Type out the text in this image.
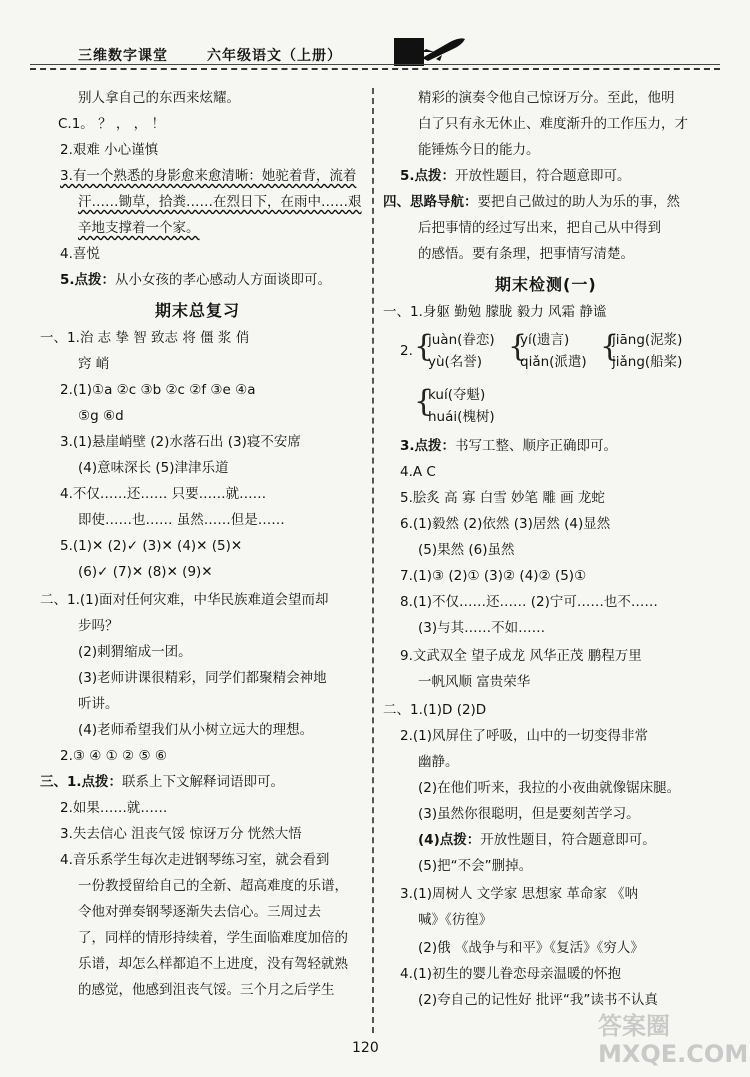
三维数字课堂	六年级语文（上册）
别人拿自己的东西来炫耀。
C.1。 ？ ， ， ！
2.艰难 小心谨慎
3.有一个熟悉的身影愈来愈清晰：她驼着背，流着
汗……锄草，拾粪……在烈日下，在雨中……艰
辛地支撑着一个家。
4.喜悦
5.点拨：从小女孩的孝心感动人方面谈即可。
期末总复习
一、1.治 志 挚 智 致志 将 僵 浆 俏
窍 峭
2.(1)①a ②c ③b ②c ②f ③e ④a
⑤g ⑥d
3.(1)悬崖峭壁 (2)水落石出 (3)寝不安席
(4)意味深长 (5)津津乐道
4.不仅……还…… 只要……就……
即使……也…… 虽然……但是……
5.(1)✕ (2)✓ (3)✕ (4)✕ (5)✕
(6)✓ (7)✕ (8)✕ (9)✕
二、1.(1)面对任何灾难，中华民族难道会望而却
步吗？
(2)刺猬缩成一团。
(3)老师讲课很精彩，同学们都聚精会神地
听讲。
(4)老师希望我们从小树立远大的理想。
2.③ ④ ① ② ⑤ ⑥
三、1.点拨：联系上下文解释词语即可。
2.如果……就……
3.失去信心 沮丧气馁 惊讶万分 恍然大悟
4.音乐系学生每次走进钢琴练习室，就会看到
一份教授留给自己的全新、超高难度的乐谱，
令他对弹奏钢琴逐渐失去信心。三周过去
了，同样的情形持续着，学生面临难度加倍的
乐谱，却怎么样都追不上进度，没有驾轻就熟
的感觉，他感到沮丧气馁。三个月之后学生
精彩的演奏令他自己惊讶万分。至此，他明
白了只有永无休止、难度渐升的工作压力，才
能锤炼今日的能力。
5.点拨：开放性题目，符合题意即可。
四、思路导航：要把自己做过的助人为乐的事，然
后把事情的经过写出来，把自己从中得到
的感悟。要有条理，把事情写清楚。
期末检测(一)
一、1.身躯 勤勉 朦胧 毅力 风霜 静谧
2. {
juàn(眷恋)
yù(名誉) {
yí(遗言)
qiǎn(派遣) {
jiāng(泥浆)
jiǎng(船桨)
{
kuí(夺魁)
huái(槐树)
3.点拨：书写工整、顺序正确即可。
4.A C
5.脍炙 高 寡 白雪 妙笔 雕 画 龙蛇
6.(1)毅然 (2)依然 (3)居然 (4)显然
(5)果然 (6)虽然
7.(1)③ (2)① (3)② (4)② (5)①
8.(1)不仅……还…… (2)宁可……也不……
(3)与其……不如……
9.文武双全 望子成龙 风华正茂 鹏程万里
一帆风顺 富贵荣华
二、1.(1)D (2)D
2.(1)风屏住了呼吸，山中的一切变得非常
幽静。
(2)在他们听来，我拉的小夜曲就像锯床腿。
(3)虽然你很聪明，但是要刻苦学习。
(4)点拨：开放性题目，符合题意即可。
(5)把“不会”删掉。
3.(1)周树人 文学家 思想家 革命家 《呐
喊》《彷徨》
(2)俄 《战争与和平》《复活》《穷人》
4.(1)初生的婴儿眷恋母亲温暖的怀抱
(2)夸自己的记性好 批评“我”读书不认真
120
答案圈 MXQE.COM
